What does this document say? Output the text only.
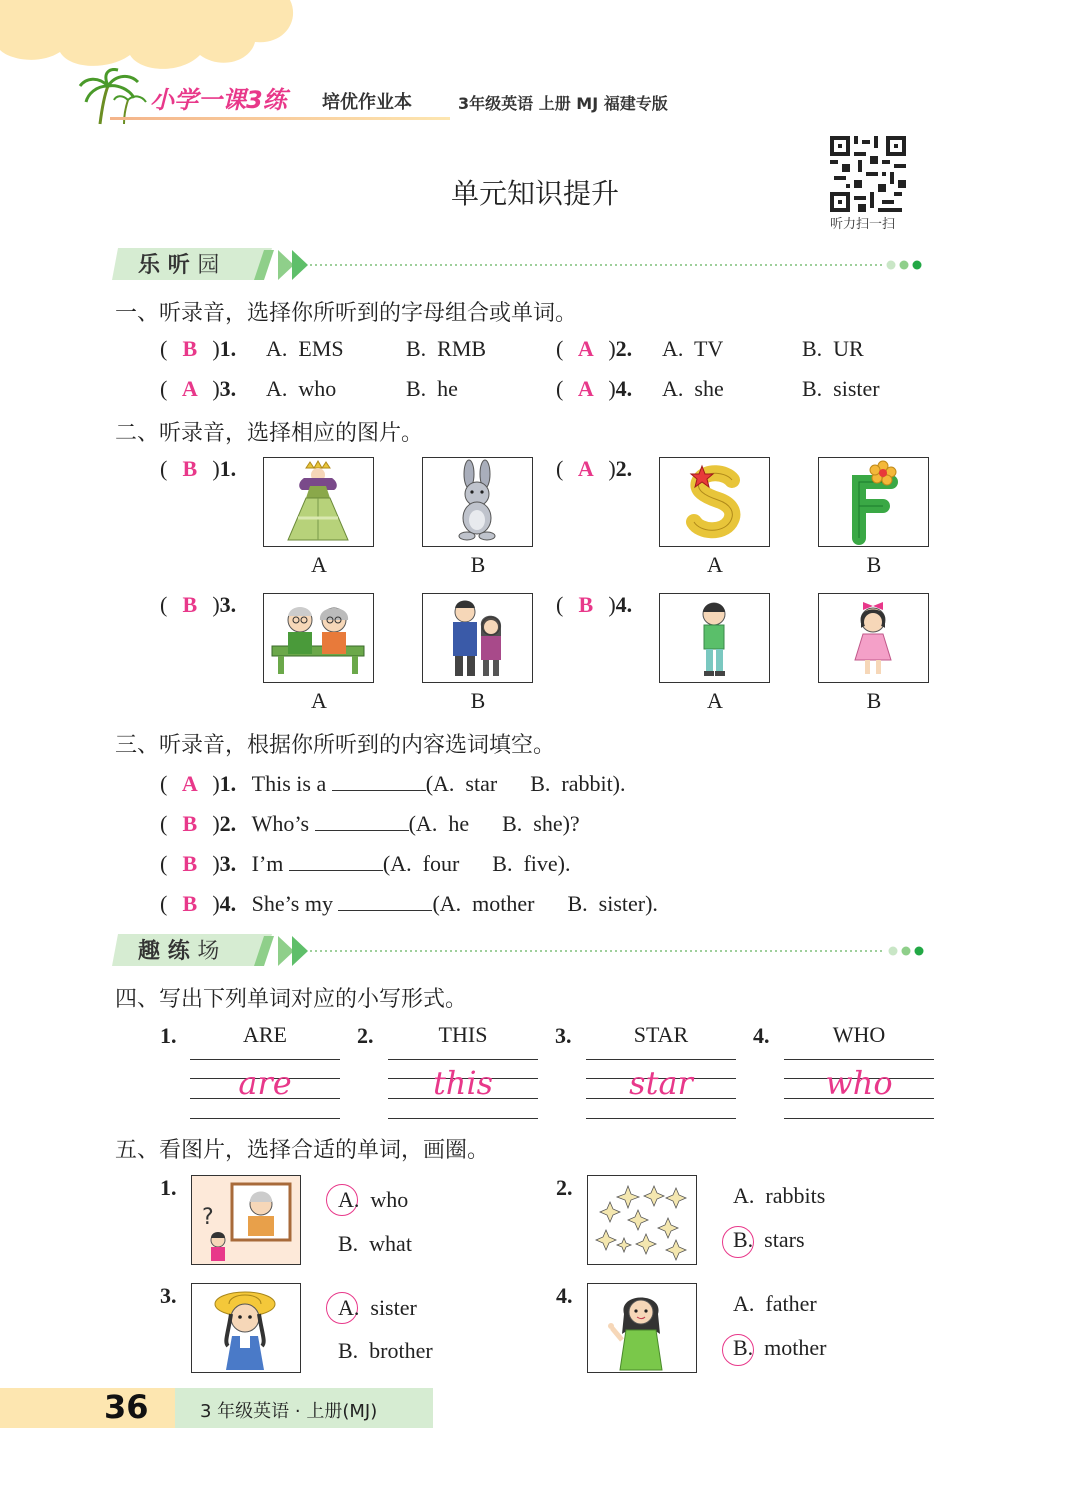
小学一课3练 培优作业本	3年级英语 上册 MJ 福建专版
单元知识提升
听力扫一扫
乐 听 园
一、听录音，选择你所听到的字母组合或单词。
( B )1. A.  EMS	B.  RMB	( A )2. A.  TV	B.  UR
( A )3. A.  who	B.  he	( A )4. A.  she	B.  sister
二、听录音，选择相应的图片。
( B )1.
A	B
( A )2.
A	B
( B )3.
A	B
( B )4.
A	B
三、听录音，根据你所听到的内容选词填空。
( A )1. This is a	(A.  star      B.  rabbit).
( B )2. Who’s	(A.  he      B.  she)?
( B )3. I’m	(A.  four      B.  five).
( B )4. She’s my	(A.  mother      B.  sister).
趣 练 场
四、写出下列单词对应的小写形式。
1.	ARE
are
2.	THIS
this
3.	STAR
star
4.	WHO
who
五、看图片，选择合适的单词，画圈。
1.
?
A.  who
B.  what
2.	A.  rabbits
B.  stars
3.	A.  sister
B.  brother
4.	A.  father
B.  mother
36	3 年级英语 · 上册(MJ)
